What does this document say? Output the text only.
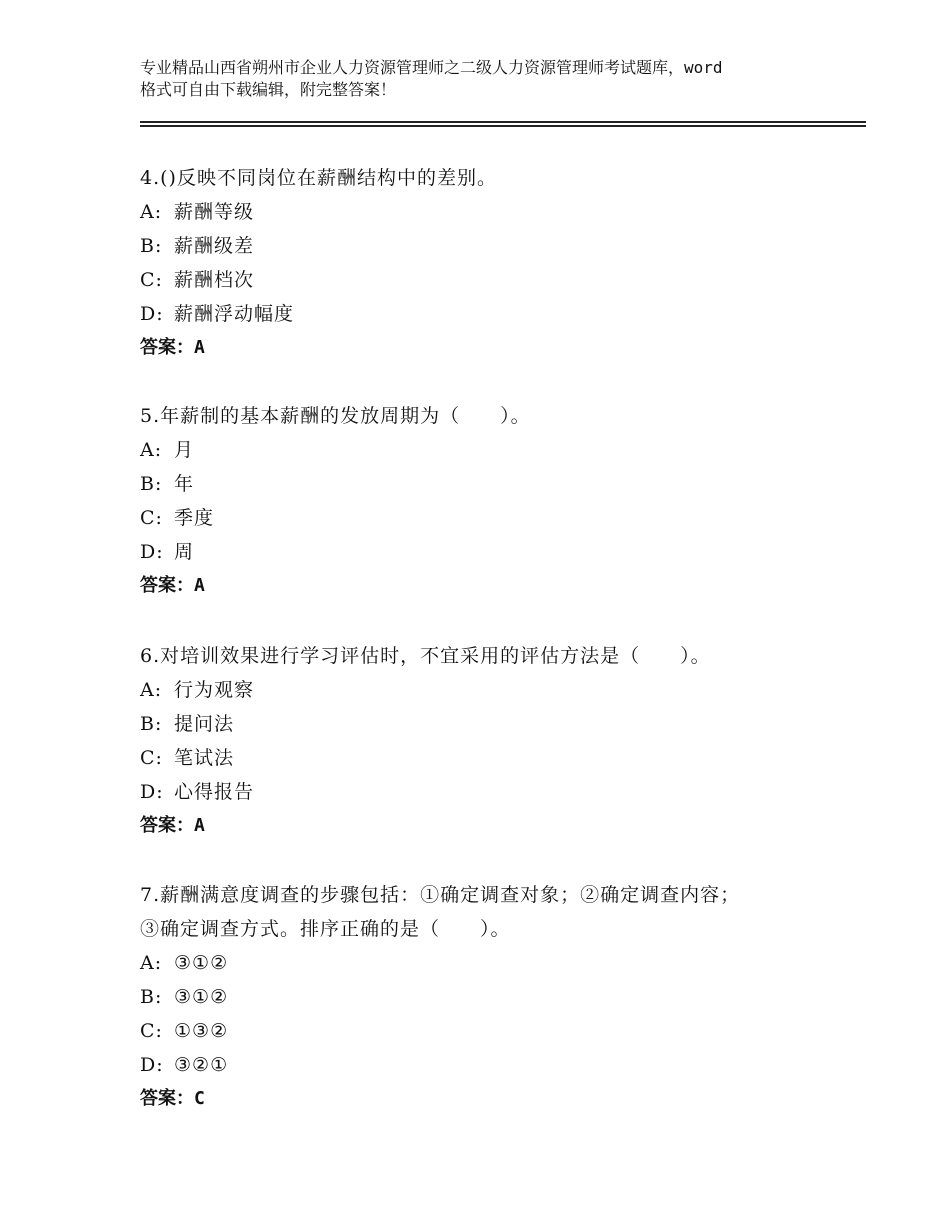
专业精品山西省朔州市企业人力资源管理师之二级人力资源管理师考试题库，word
格式可自由下载编辑，附完整答案！
4.()反映不同岗位在薪酬结构中的差别。
A: 薪酬等级
B: 薪酬级差
C: 薪酬档次
D: 薪酬浮动幅度
答案：A
5.年薪制的基本薪酬的发放周期为（　　）。
A: 月
B: 年
C: 季度
D: 周
答案：A
6.对培训效果进行学习评估时，不宜采用的评估方法是（　　）。
A: 行为观察
B: 提问法
C: 笔试法
D: 心得报告
答案：A
7.薪酬满意度调查的步骤包括：①确定调查对象；②确定调查内容；
③确定调查方式。排序正确的是（　　）。
A: ③①②
B: ③①②
C: ①③②
D: ③②①
答案：C
